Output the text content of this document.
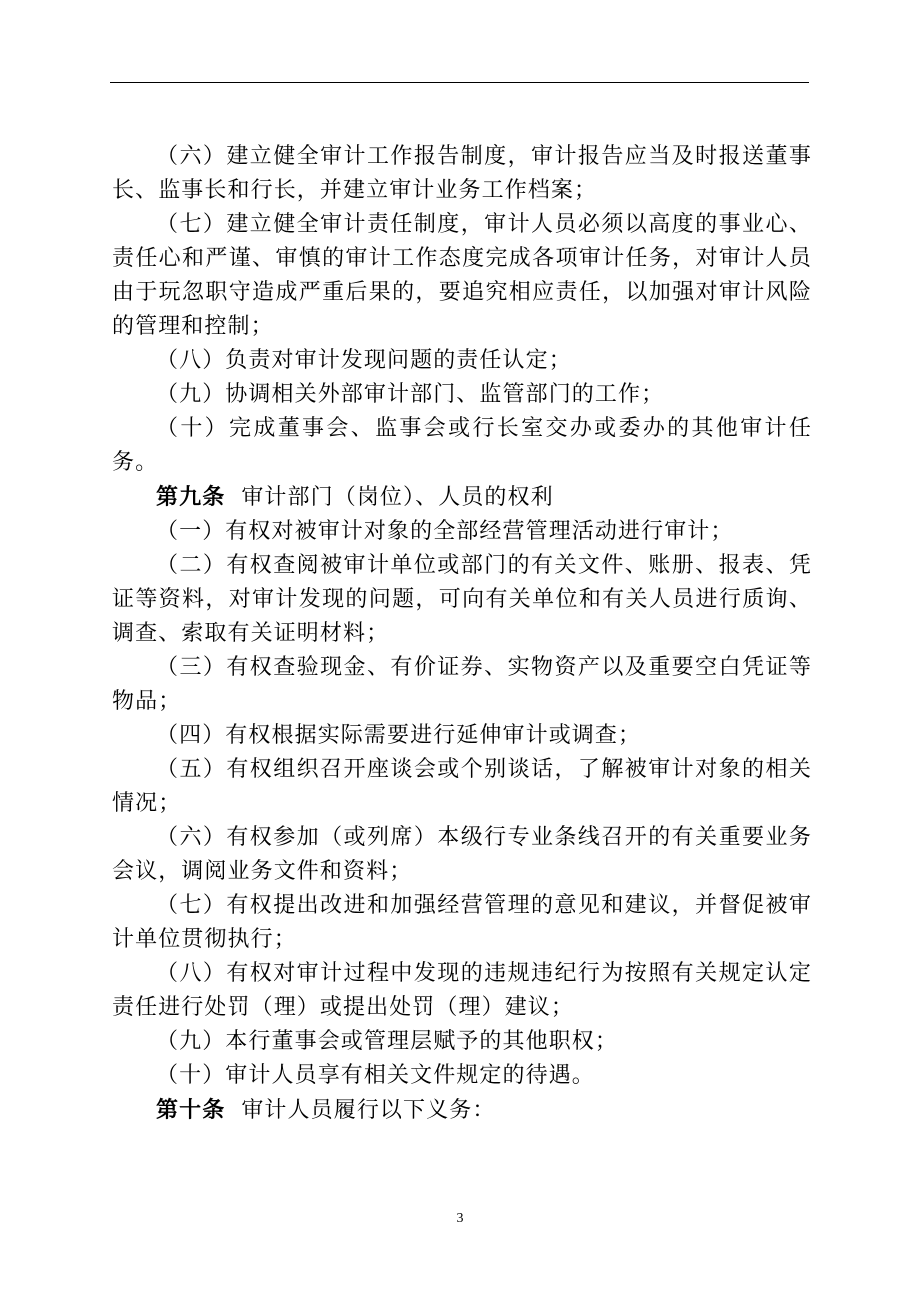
（六）建立健全审计工作报告制度，审计报告应当及时报送董事长、监事长和行长，并建立审计业务工作档案；

（七）建立健全审计责任制度，审计人员必须以高度的事业心、责任心和严谨、审慎的审计工作态度完成各项审计任务，对审计人员由于玩忽职守造成严重后果的，要追究相应责任，以加强对审计风险的管理和控制；

（八）负责对审计发现问题的责任认定；

（九）协调相关外部审计部门、监管部门的工作；

（十）完成董事会、监事会或行长室交办或委办的其他审计任务。

第九条 审计部门（岗位）、人员的权利

（一）有权对被审计对象的全部经营管理活动进行审计；

（二）有权查阅被审计单位或部门的有关文件、账册、报表、凭证等资料，对审计发现的问题，可向有关单位和有关人员进行质询、调查、索取有关证明材料；

（三）有权查验现金、有价证券、实物资产以及重要空白凭证等物品；

（四）有权根据实际需要进行延伸审计或调查；

（五）有权组织召开座谈会或个别谈话，了解被审计对象的相关情况；

（六）有权参加（或列席）本级行专业条线召开的有关重要业务会议，调阅业务文件和资料；

（七）有权提出改进和加强经营管理的意见和建议，并督促被审计单位贯彻执行；

（八）有权对审计过程中发现的违规违纪行为按照有关规定认定责任进行处罚（理）或提出处罚（理）建议；

（九）本行董事会或管理层赋予的其他职权；

（十）审计人员享有相关文件规定的待遇。

第十条 审计人员履行以下义务：

3
